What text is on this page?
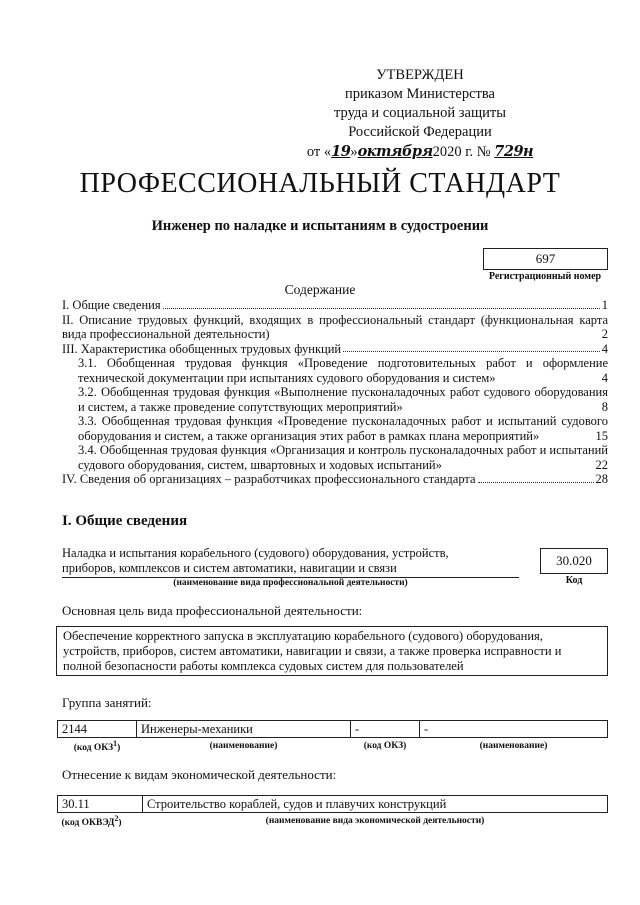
УТВЕРЖДЕН
приказом Министерства
труда и социальной защиты
Российской Федерации
от «19»октября2020 г. № 729н
ПРОФЕССИОНАЛЬНЫЙ СТАНДАРТ
Инженер по наладке и испытаниям в судостроении
697
Регистрационный номер
Содержание
I. Общие сведения	1
II. Описание трудовых функций, входящих в профессиональный стандарт (функциональная карта вида профессиональной деятельности)	2
III. Характеристика обобщенных трудовых функций	4
3.1. Обобщенная трудовая функция «Проведение подготовительных работ и оформление технической документации при испытаниях судового оборудования и систем»	4
3.2. Обобщенная трудовая функция «Выполнение пусконаладочных работ судового оборудования и систем, а также проведение сопутствующих мероприятий»	8
3.3. Обобщенная трудовая функция «Проведение пусконаладочных работ и испытаний судового оборудования и систем, а также организация этих работ в рамках плана мероприятий»	15
3.4. Обобщенная трудовая функция «Организация и контроль пусконаладочных работ и испытаний судового оборудования, систем, швартовных и ходовых испытаний»	22
IV. Сведения об организациях – разработчиках профессионального стандарта	28
I. Общие сведения
Наладка и испытания корабельного (судового) оборудования, устройств, приборов, комплексов и систем автоматики, навигации и связи
(наименование вида профессиональной деятельности)
30.020
Код
Основная цель вида профессиональной деятельности:
Обеспечение корректного запуска в эксплуатацию корабельного (судового) оборудования, устройств, приборов, систем автоматики, навигации и связи, а также проверка исправности и полной безопасности работы комплекса судовых систем для пользователей
Группа занятий:
2144	Инженеры-механики	-	-
(код ОКЗ$^1$)	(наименование)	(код ОКЗ)	(наименование)
Отнесение к видам экономической деятельности:
30.11	Строительство кораблей, судов и плавучих конструкций
(код ОКВЭД$^2$)	(наименование вида экономической деятельности)
